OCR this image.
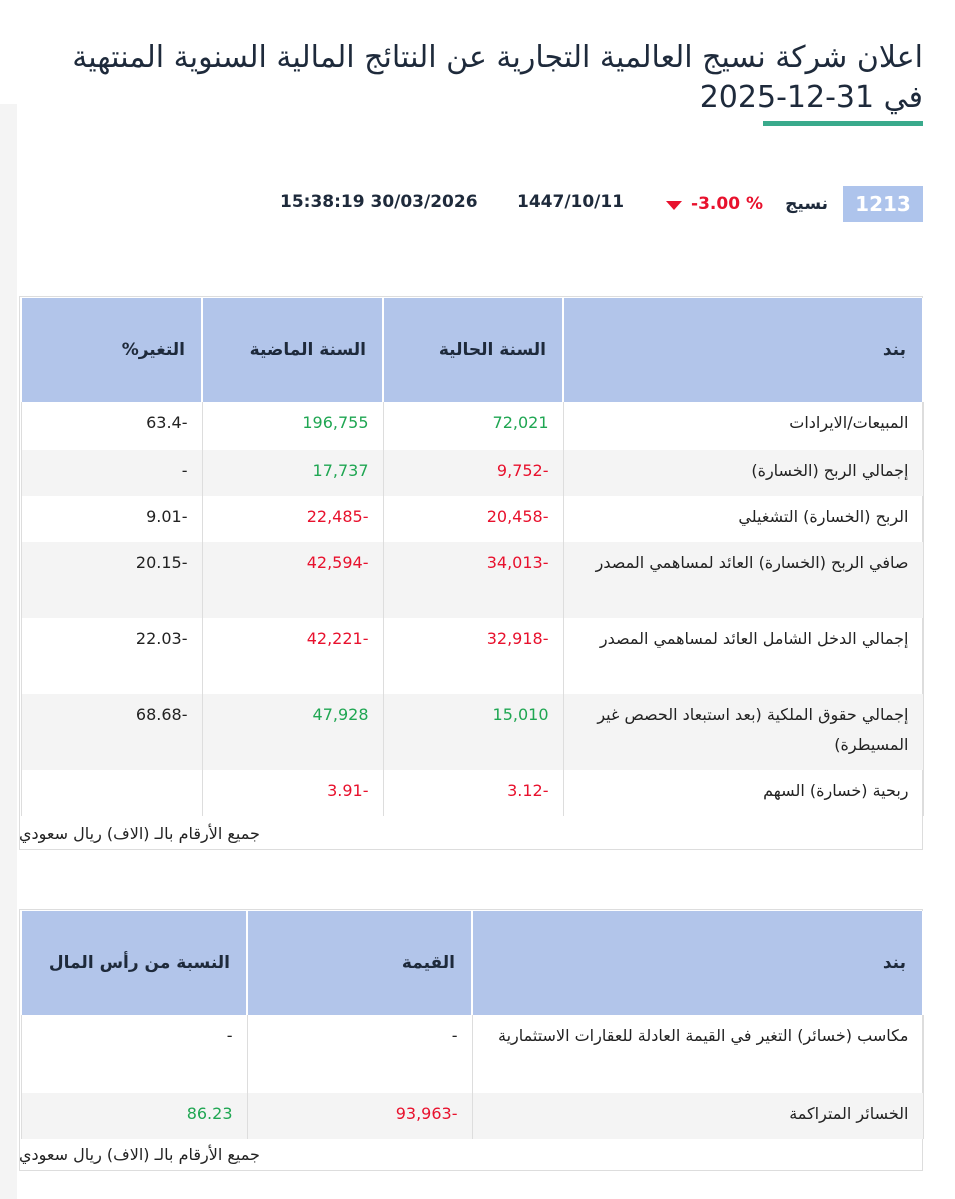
اعلان شركة نسيج العالمية التجارية عن النتائج المالية السنوية المنتهية في 31-12-2025
1213
نسيج
-3.00 %
1447/10/11
15:38:19 30/03/2026
بند	السنة الحالية	السنة الماضية	التغير%
المبيعات/الايرادات	72,021	196,755	63.4-
إجمالي الربح (الخسارة)	9,752-	17,737	-
الربح (الخسارة) التشغيلي	20,458-	22,485-	9.01-
صافي الربح (الخسارة) العائد لمساهمي المصدر	34,013-	42,594-	20.15-
إجمالي الدخل الشامل العائد لمساهمي المصدر	32,918-	42,221-	22.03-
إجمالي حقوق الملكية (بعد استبعاد الحصص غير المسيطرة)	15,010	47,928	68.68-
ربحية (خسارة) السهم	3.12-	3.91-	
جميع الأرقام بالـ (الاف) ريال سعودي
بند	القيمة	النسبة من رأس المال
مكاسب (خسائر) التغير في القيمة العادلة للعقارات الاستثمارية	-	-
الخسائر المتراكمة	93,963-	86.23
جميع الأرقام بالـ (الاف) ريال سعودي
